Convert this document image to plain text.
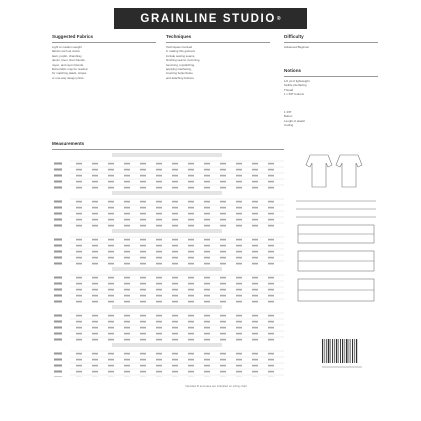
GRAINLINE STUDIO ®
Suggested Fabrics
Light to medium weight
fabrics such as cotton
lawn, poplin, chambray,
denim, linen, linen blends,
rayon, and rayon blends.
Extra fabric may be needed
for matching plaids, stripes
or one-way design prints.
Techniques
Techniques involved
in making this garment
include sewing seams,
finishing seams, hemming,
hemming, topstitching,
applying interfacing,
inserting buttonholes
and attaching buttons.
Difficulty
Advanced Beginner
Notions
1/2 yd of lightweight
fusible interfacing
Thread
1 x 5/8" buttons
1 3/8"
Button
Length of elastic
Coding
Measurements
Intended fit and ease are indicated on sizing chart
